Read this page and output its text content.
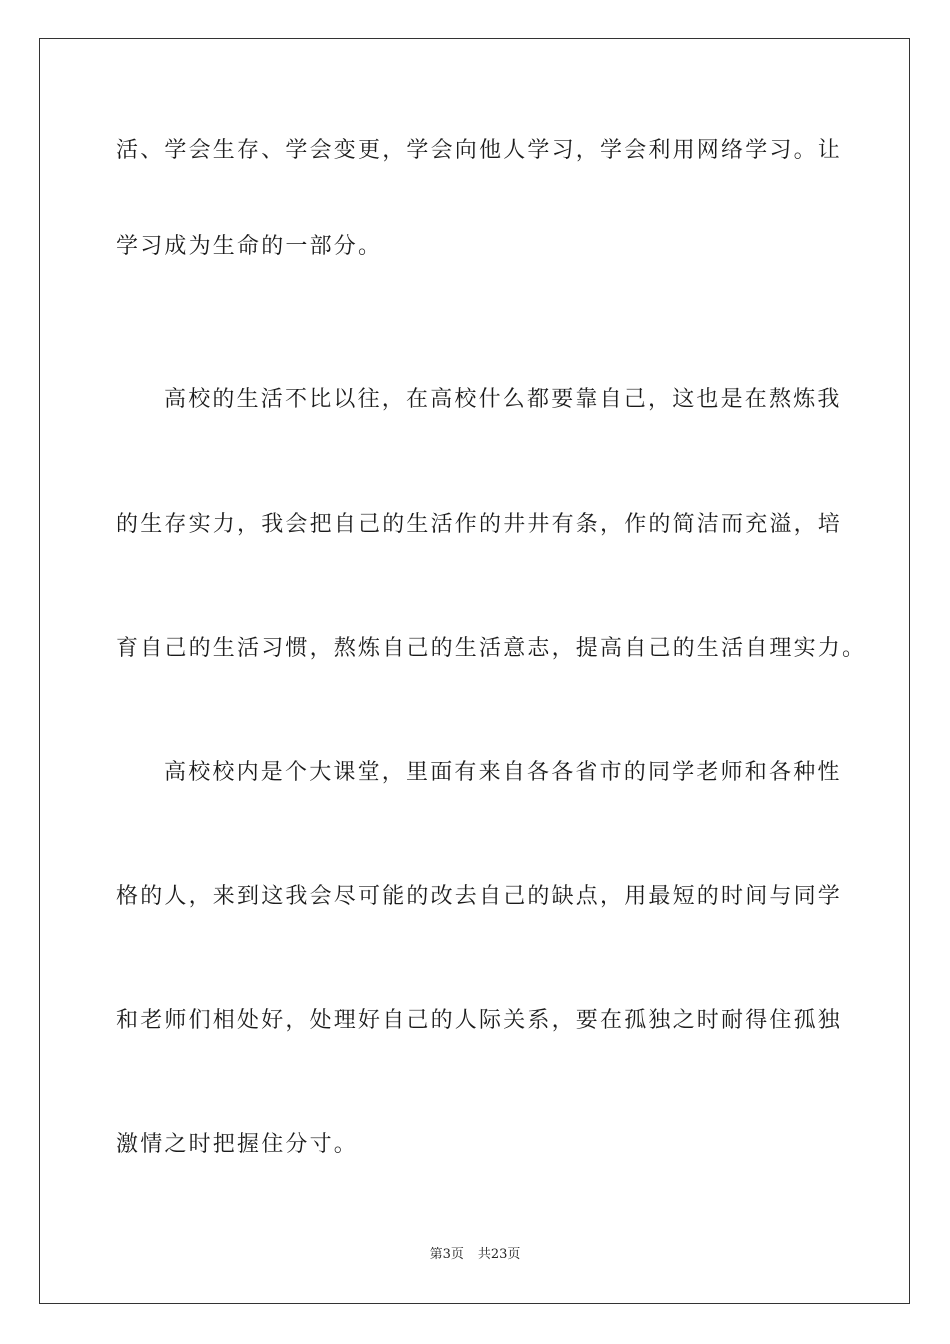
活、学会生存、学会变更，学会向他人学习，学会利用网络学习。让
学习成为生命的一部分。
高校的生活不比以往，在高校什么都要靠自己，这也是在熬炼我
的生存实力，我会把自己的生活作的井井有条，作的简洁而充溢，培
育自己的生活习惯，熬炼自己的生活意志，提高自己的生活自理实力。
高校校内是个大课堂，里面有来自各各省市的同学老师和各种性
格的人，来到这我会尽可能的改去自己的缺点，用最短的时间与同学
和老师们相处好，处理好自己的人际关系，要在孤独之时耐得住孤独
激情之时把握住分寸。
第3页 共23页
